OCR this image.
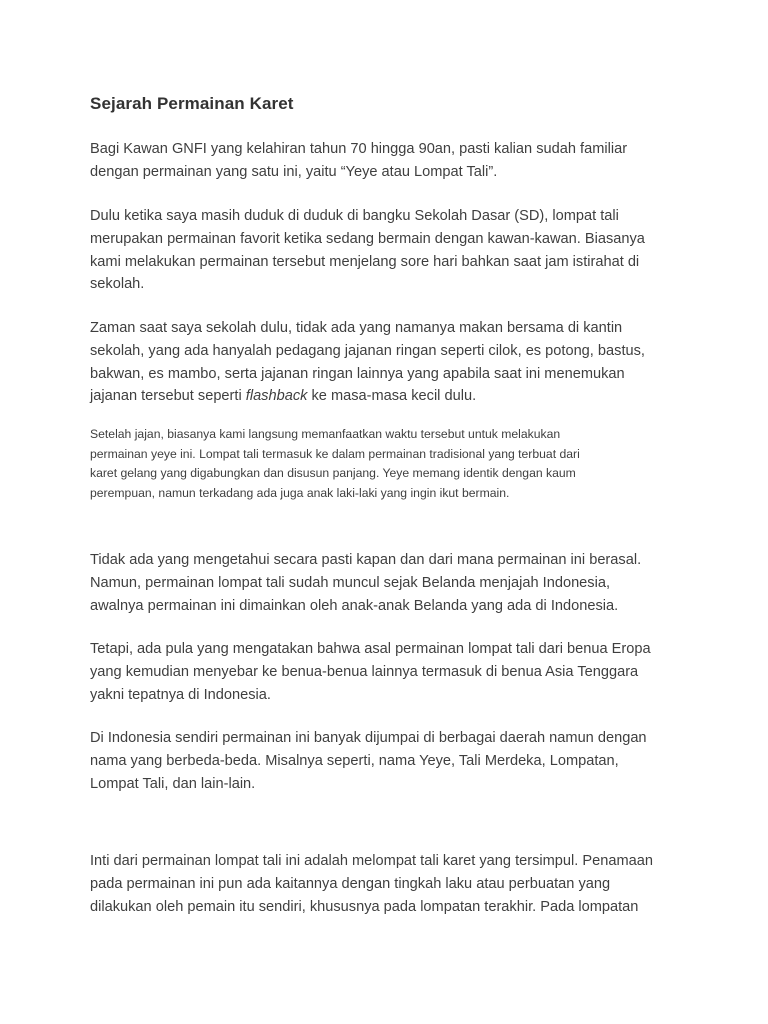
Sejarah Permainan Karet

Bagi Kawan GNFI yang kelahiran tahun 70 hingga 90an, pasti kalian sudah familiar
dengan permainan yang satu ini, yaitu “Yeye atau Lompat Tali”.

Dulu ketika saya masih duduk di duduk di bangku Sekolah Dasar (SD), lompat tali
merupakan permainan favorit ketika sedang bermain dengan kawan-kawan. Biasanya
kami melakukan permainan tersebut menjelang sore hari bahkan saat jam istirahat di
sekolah.

Zaman saat saya sekolah dulu, tidak ada yang namanya makan bersama di kantin
sekolah, yang ada hanyalah pedagang jajanan ringan seperti cilok, es potong, bastus,
bakwan, es mambo, serta jajanan ringan lainnya yang apabila saat ini menemukan
jajanan tersebut seperti flashback ke masa-masa kecil dulu.

Setelah jajan, biasanya kami langsung memanfaatkan waktu tersebut untuk melakukan
permainan yeye ini. Lompat tali termasuk ke dalam permainan tradisional yang terbuat dari
karet gelang yang digabungkan dan disusun panjang. Yeye memang identik dengan kaum
perempuan, namun terkadang ada juga anak laki-laki yang ingin ikut bermain.

Tidak ada yang mengetahui secara pasti kapan dan dari mana permainan ini berasal.
Namun, permainan lompat tali sudah muncul sejak Belanda menjajah Indonesia,
awalnya permainan ini dimainkan oleh anak-anak Belanda yang ada di Indonesia.

Tetapi, ada pula yang mengatakan bahwa asal permainan lompat tali dari benua Eropa
yang kemudian menyebar ke benua-benua lainnya termasuk di benua Asia Tenggara
yakni tepatnya di Indonesia.

Di Indonesia sendiri permainan ini banyak dijumpai di berbagai daerah namun dengan
nama yang berbeda-beda. Misalnya seperti, nama Yeye, Tali Merdeka, Lompatan,
Lompat Tali, dan lain-lain.

Inti dari permainan lompat tali ini adalah melompat tali karet yang tersimpul. Penamaan
pada permainan ini pun ada kaitannya dengan tingkah laku atau perbuatan yang
dilakukan oleh pemain itu sendiri, khususnya pada lompatan terakhir. Pada lompatan
